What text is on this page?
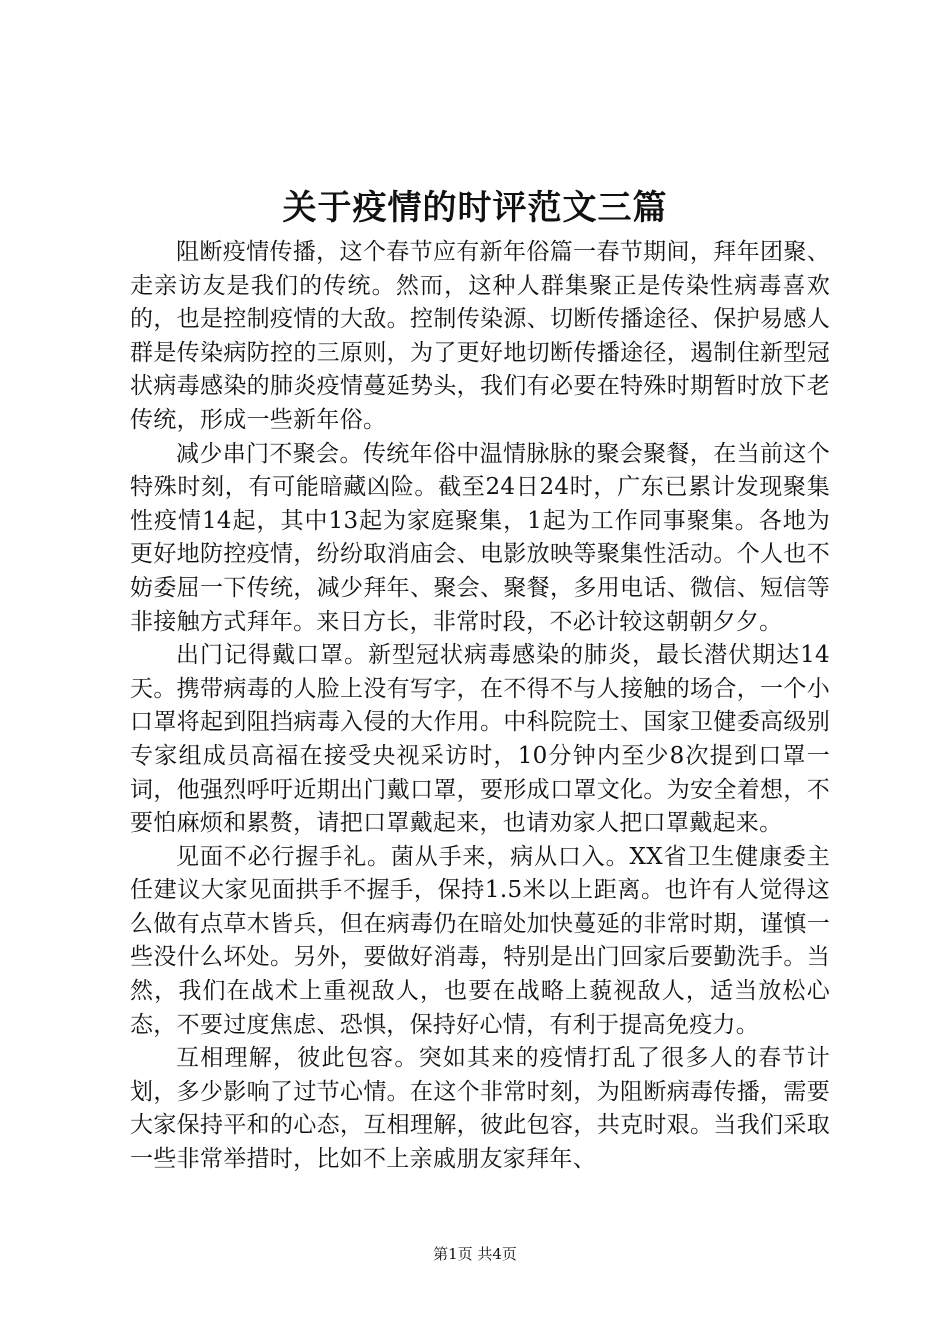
关于疫情的时评范文三篇

阻断疫情传播，这个春节应有新年俗篇一春节期间，拜年团聚、走亲访友是我们的传统。然而，这种人群集聚正是传染性病毒喜欢的，也是控制疫情的大敌。控制传染源、切断传播途径、保护易感人群是传染病防控的三原则，为了更好地切断传播途径，遏制住新型冠状病毒感染的肺炎疫情蔓延势头，我们有必要在特殊时期暂时放下老传统，形成一些新年俗。

减少串门不聚会。传统年俗中温情脉脉的聚会聚餐，在当前这个特殊时刻，有可能暗藏凶险。截至24日24时，广东已累计发现聚集性疫情14起，其中13起为家庭聚集，1起为工作同事聚集。各地为更好地防控疫情，纷纷取消庙会、电影放映等聚集性活动。个人也不妨委屈一下传统，减少拜年、聚会、聚餐，多用电话、微信、短信等非接触方式拜年。来日方长，非常时段，不必计较这朝朝夕夕。

出门记得戴口罩。新型冠状病毒感染的肺炎，最长潜伏期达14天。携带病毒的人脸上没有写字，在不得不与人接触的场合，一个小口罩将起到阻挡病毒入侵的大作用。中科院院士、国家卫健委高级别专家组成员高福在接受央视采访时，10分钟内至少8次提到口罩一词，他强烈呼吁近期出门戴口罩，要形成口罩文化。为安全着想，不要怕麻烦和累赘，请把口罩戴起来，也请劝家人把口罩戴起来。

见面不必行握手礼。菌从手来，病从口入。XX省卫生健康委主任建议大家见面拱手不握手，保持1.5米以上距离。也许有人觉得这么做有点草木皆兵，但在病毒仍在暗处加快蔓延的非常时期，谨慎一些没什么坏处。另外，要做好消毒，特别是出门回家后要勤洗手。当然，我们在战术上重视敌人，也要在战略上藐视敌人，适当放松心态，不要过度焦虑、恐惧，保持好心情，有利于提高免疫力。

互相理解，彼此包容。突如其来的疫情打乱了很多人的春节计划，多少影响了过节心情。在这个非常时刻，为阻断病毒传播，需要大家保持平和的心态，互相理解，彼此包容，共克时艰。当我们采取一些非常举措时，比如不上亲戚朋友家拜年、

第1页 共4页
